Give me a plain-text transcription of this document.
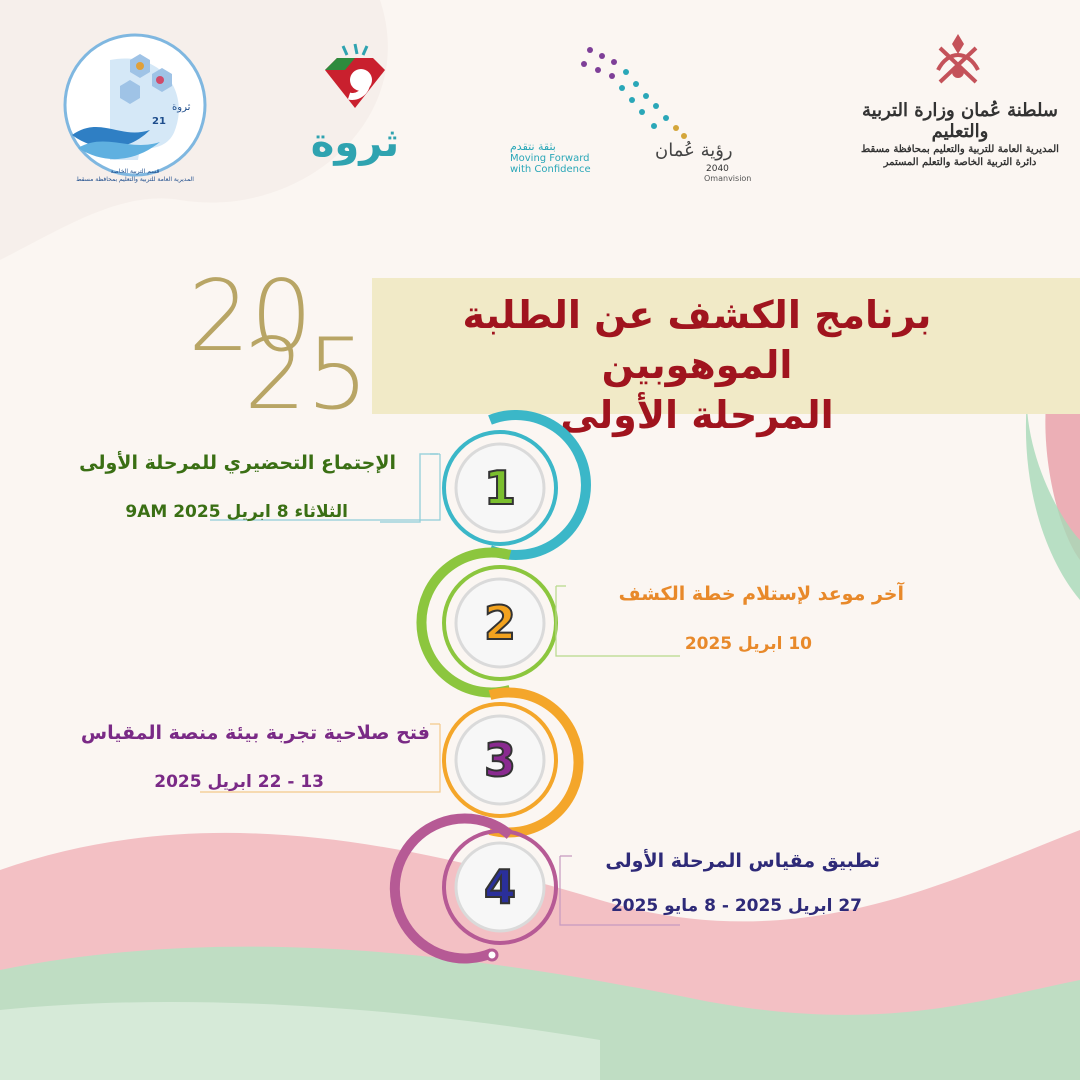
سلطنة عُمان وزارة التربية والتعليم
المديرية العامة للتربية والتعليم بمحافظة مسقط
دائرة التربية الخاصة والتعلم المستمر
رؤية عُمان
2040
Omanvision
بثقة نتقدم
Moving Forward
with Confidence
ثروة
ثروة
21
قسم التربية الخاصة
المديرية العامة للتربية والتعليم بمحافظة مسقط
20
25
برنامج الكشف عن الطلبة الموهوبين
المرحلة الأولى
1
2
3
4
الإجتماع التحضيري للمرحلة الأولى
الثلاثاء 8 ابريل 2025 9AM
آخر موعد لإستلام خطة الكشف
10 ابريل 2025
فتح صلاحية تجربة بيئة منصة المقياس
13 - 22 ابريل 2025
تطبيق مقياس المرحلة الأولى
27 ابريل 2025 - 8 مايو 2025
